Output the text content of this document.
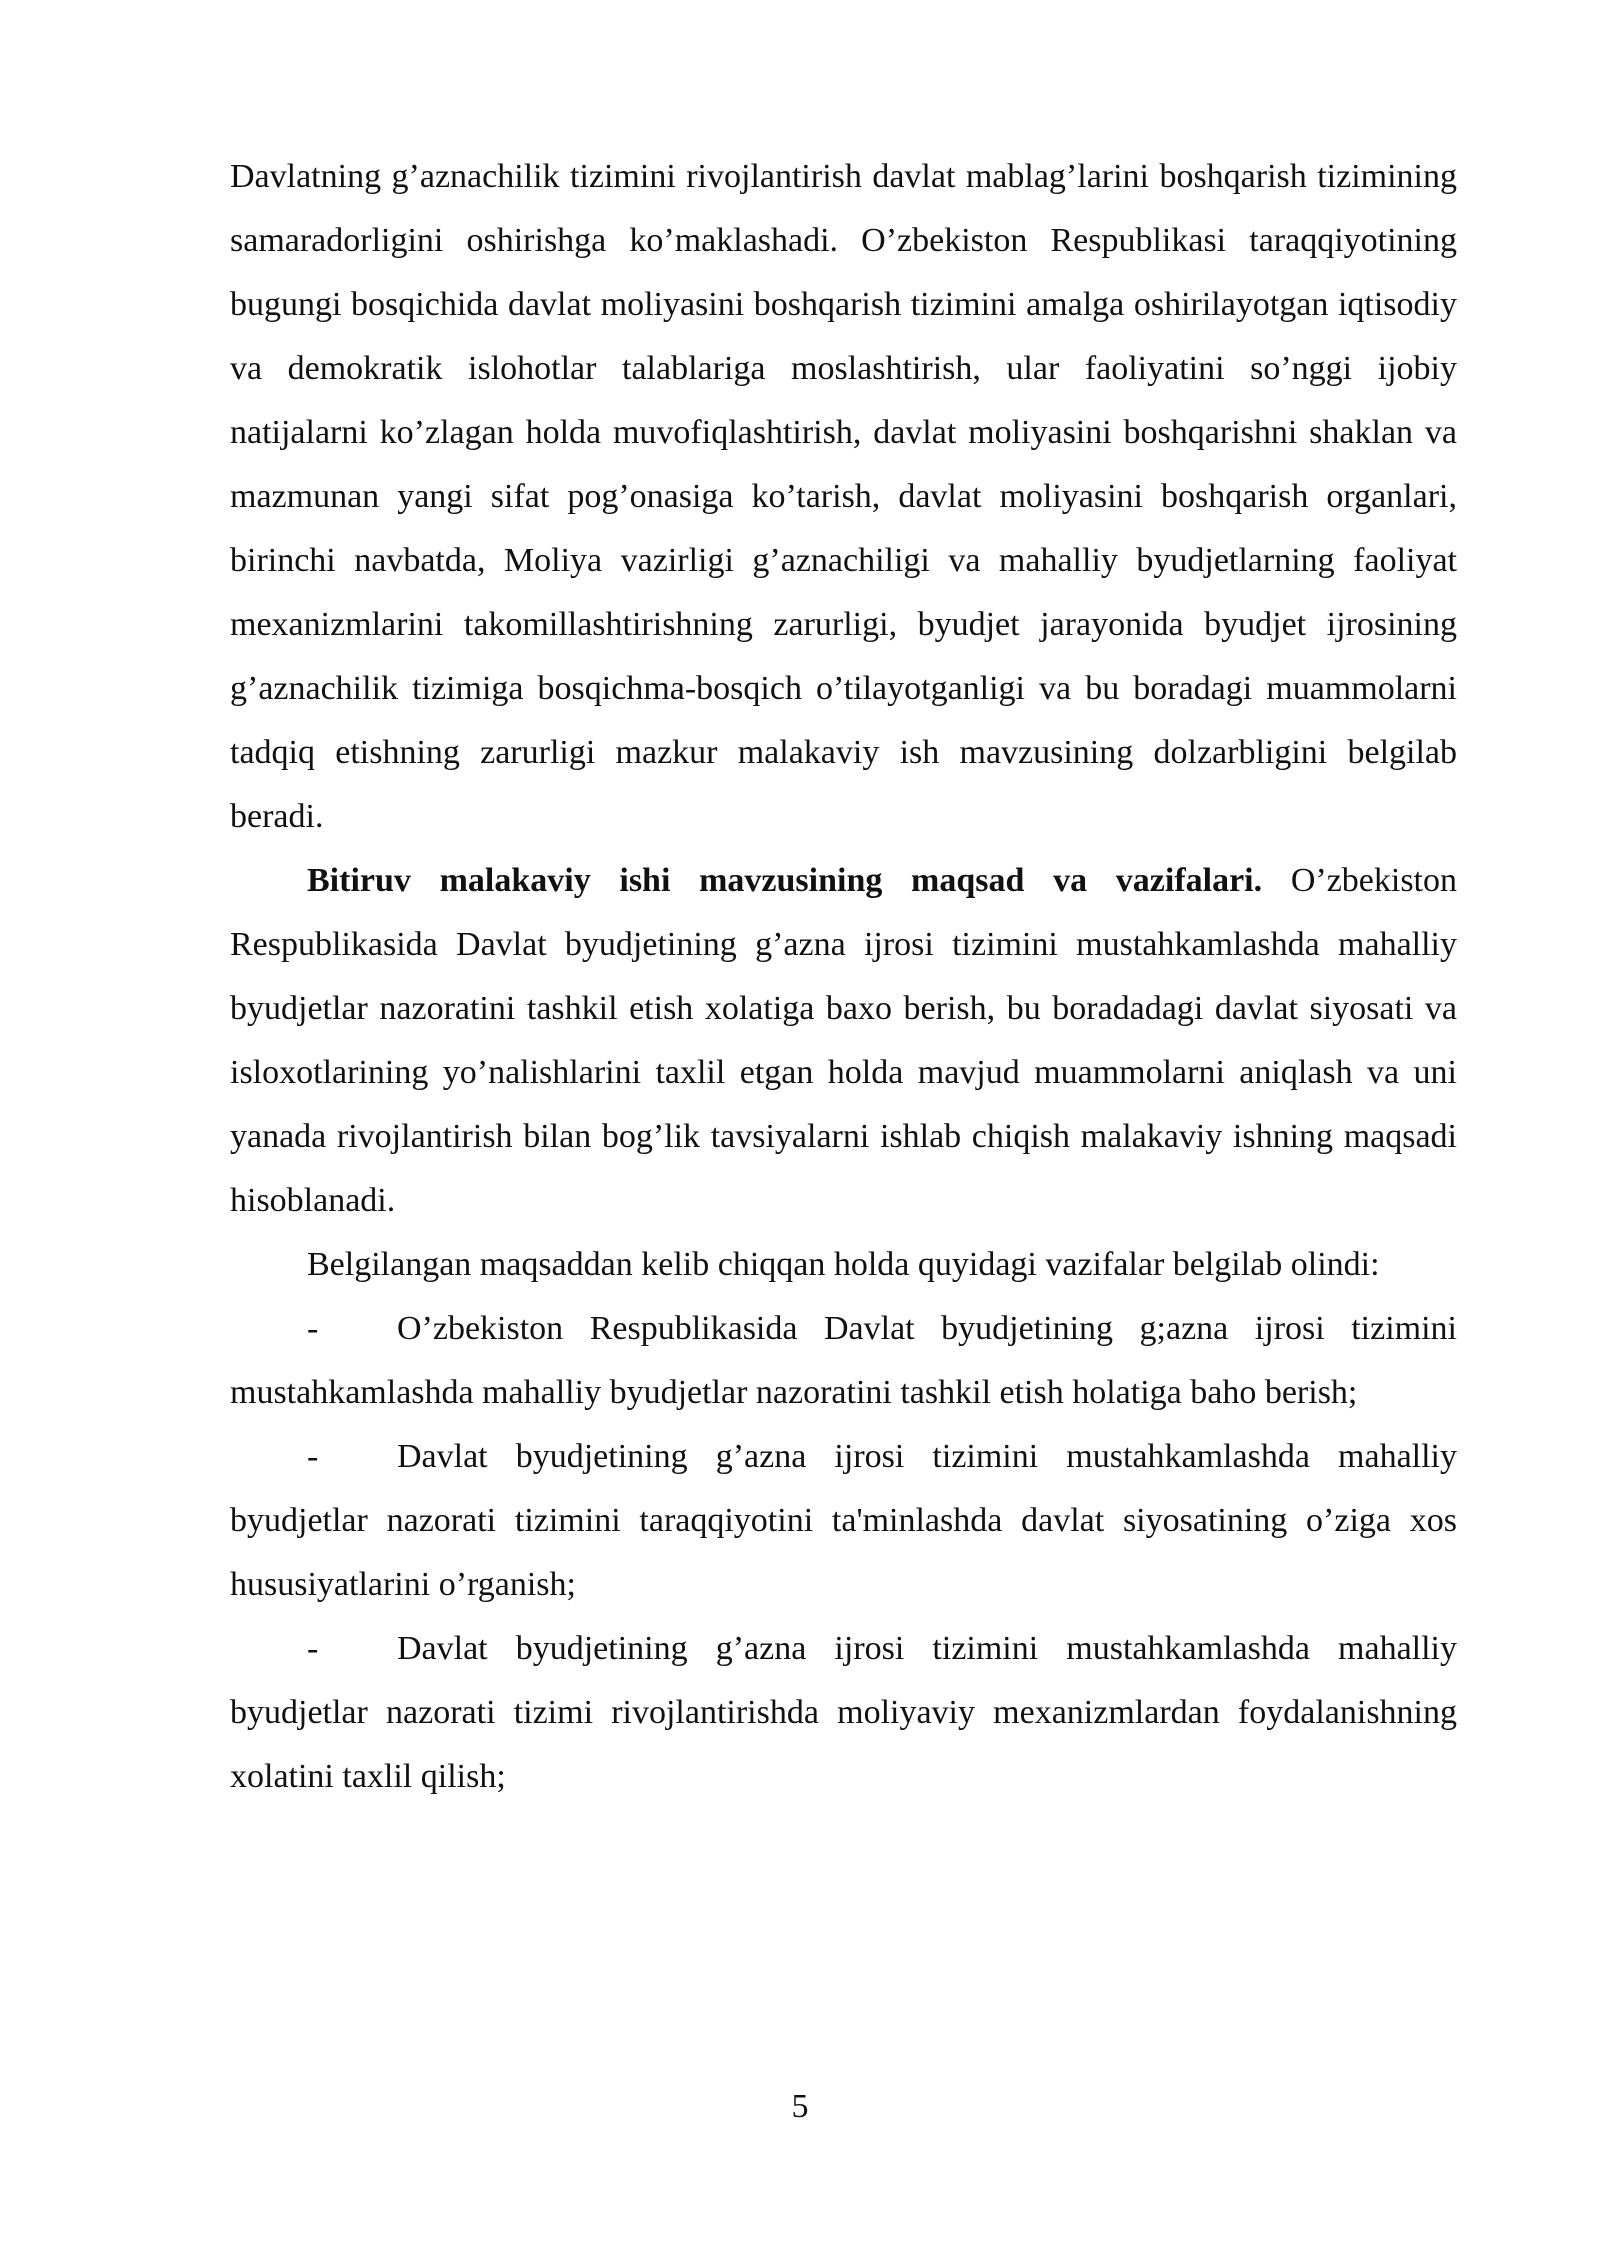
Davlatning g’aznachilik tizimini rivojlantirish davlat mablag’larini boshqarish tizimining samaradorligini oshirishga ko’maklashadi. O’zbekiston Respublikasi taraqqiyotining bugungi bosqichida davlat moliyasini boshqarish tizimini amalga oshirilayotgan iqtisodiy va demokratik islohotlar talablariga moslashtirish, ular faoliyatini so’nggi ijobiy natijalarni ko’zlagan holda muvofiqlashtirish, davlat moliyasini boshqarishni shaklan va mazmunan yangi sifat pog’onasiga ko’tarish, davlat moliyasini boshqarish organlari, birinchi navbatda, Moliya vazirligi g’aznachiligi va mahalliy byudjetlarning faoliyat mexanizmlarini takomillashtirishning zarurligi, byudjet jarayonida byudjet ijrosining g’aznachilik tizimiga bosqichma-bosqich o’tilayotganligi va bu boradagi muammolarni tadqiq etishning zarurligi mazkur malakaviy ish mavzusining dolzarbligini belgilab beradi.

Bitiruv malakaviy ishi mavzusining maqsad va vazifalari. O’zbekiston Respublikasida Davlat byudjetining g’azna ijrosi tizimini mustahkamlashda mahalliy byudjetlar nazoratini tashkil etish xolatiga baxo berish, bu boradadagi davlat siyosati va isloxotlarining yo’nalishlarini taxlil etgan holda mavjud muammolarni aniqlash va uni yanada rivojlantirish bilan bog’lik tavsiyalarni ishlab chiqish malakaviy ishning maqsadi hisoblanadi.

Belgilangan maqsaddan kelib chiqqan holda quyidagi vazifalar belgilab olindi:

- O’zbekiston Respublikasida Davlat byudjetining g;azna ijrosi tizimini mustahkamlashda mahalliy byudjetlar nazoratini tashkil etish holatiga baho berish;

- Davlat byudjetining g’azna ijrosi tizimini mustahkamlashda mahalliy byudjetlar nazorati tizimini taraqqiyotini ta'minlashda davlat siyosatining o’ziga xos hususiyatlarini o’rganish;

- Davlat byudjetining g’azna ijrosi tizimini mustahkamlashda mahalliy byudjetlar nazorati tizimi rivojlantirishda moliyaviy mexanizmlardan foydalanishning xolatini taxlil qilish;

5
